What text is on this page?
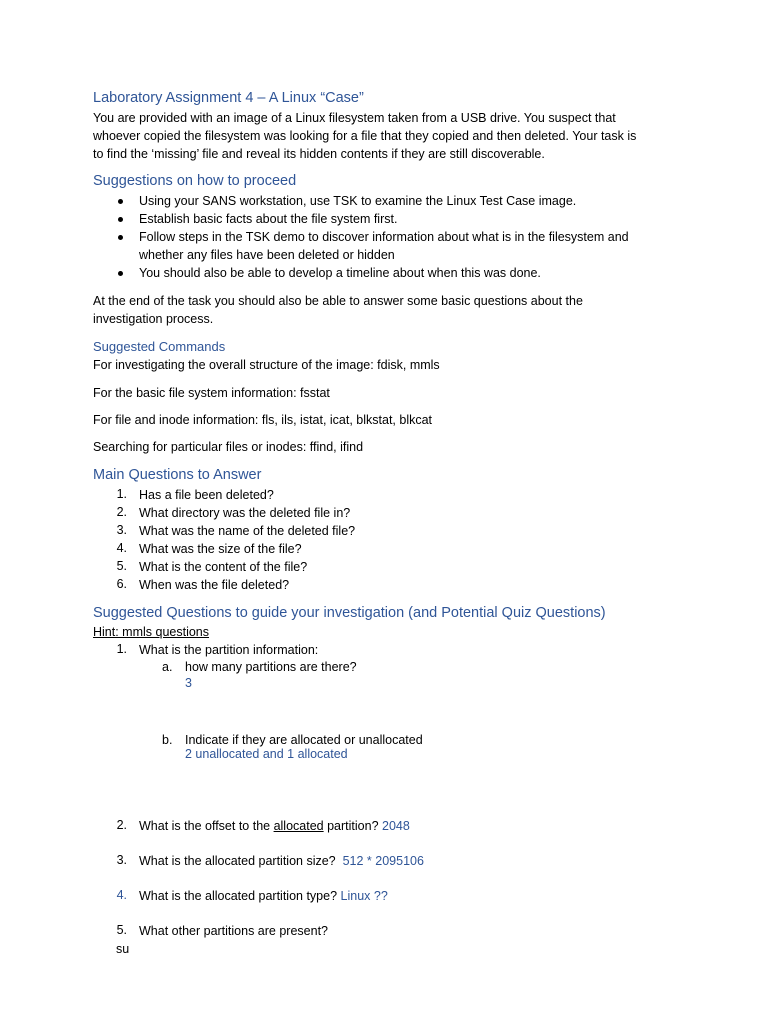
Laboratory Assignment 4 – A Linux “Case”
You are provided with an image of a Linux filesystem taken from a USB drive. You suspect that
whoever copied the filesystem was looking for a file that they copied and then deleted. Your task is
to find the ‘missing’ file and reveal its hidden contents if they are still discoverable.
Suggestions on how to proceed
Using your SANS workstation, use TSK to examine the Linux Test Case image.
Establish basic facts about the file system first.
Follow steps in the TSK demo to discover information about what is in the filesystem and
whether any files have been deleted or hidden
You should also be able to develop a timeline about when this was done.
At the end of the task you should also be able to answer some basic questions about the
investigation process.
Suggested Commands
For investigating the overall structure of the image: fdisk, mmls
For the basic file system information: fsstat
For file and inode information: fls, ils, istat, icat, blkstat, blkcat
Searching for particular files or inodes: ffind, ifind
Main Questions to Answer
1. Has a file been deleted?
2. What directory was the deleted file in?
3. What was the name of the deleted file?
4. What was the size of the file?
5. What is the content of the file?
6. When was the file deleted?
Suggested Questions to guide your investigation (and Potential Quiz Questions)
Hint: mmls questions
1. What is the partition information:
a. how many partitions are there?
3
b. Indicate if they are allocated or unallocated
2 unallocated and 1 allocated
2. What is the offset to the allocated partition? 2048
3. What is the allocated partition size? 512 * 2095106
4. What is the allocated partition type? Linux ??
5. What other partitions are present?
su
